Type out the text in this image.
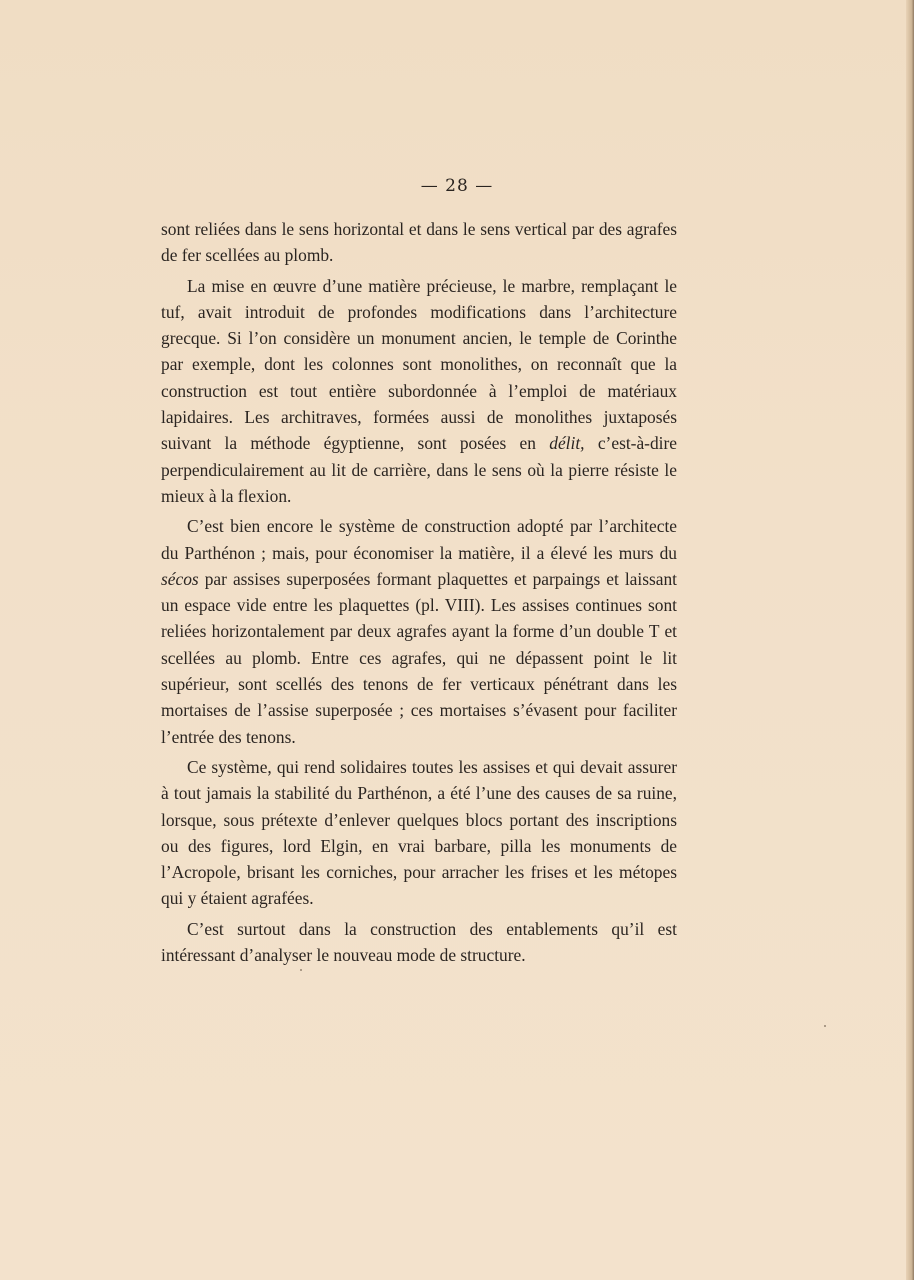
— 28 —

sont reliées dans le sens horizontal et dans le sens vertical par des agrafes de fer scellées au plomb.

La mise en œuvre d’une matière précieuse, le marbre, remplaçant le tuf, avait introduit de profondes modifications dans l’architecture grecque. Si l’on considère un monument ancien, le temple de Corinthe par exemple, dont les colonnes sont monolithes, on reconnaît que la construction est tout entière subordonnée à l’emploi de matériaux lapidaires. Les architraves, formées aussi de monolithes juxtaposés suivant la méthode égyptienne, sont posées en délit, c’est-à-dire perpendiculairement au lit de carrière, dans le sens où la pierre résiste le mieux à la flexion.

C’est bien encore le système de construction adopté par l’architecte du Parthénon ; mais, pour économiser la matière, il a élevé les murs du sécos par assises superposées formant plaquettes et parpaings et laissant un espace vide entre les plaquettes (pl. VIII). Les assises continues sont reliées horizontalement par deux agrafes ayant la forme d’un double T et scellées au plomb. Entre ces agrafes, qui ne dépassent point le lit supérieur, sont scellés des tenons de fer verticaux pénétrant dans les mortaises de l’assise superposée ; ces mortaises s’évasent pour faciliter l’entrée des tenons.

Ce système, qui rend solidaires toutes les assises et qui devait assurer à tout jamais la stabilité du Parthénon, a été l’une des causes de sa ruine, lorsque, sous prétexte d’enlever quelques blocs portant des inscriptions ou des figures, lord Elgin, en vrai barbare, pilla les monuments de l’Acropole, brisant les corniches, pour arracher les frises et les métopes qui y étaient agrafées.

C’est surtout dans la construction des entablements qu’il est intéressant d’analyser le nouveau mode de structure.
